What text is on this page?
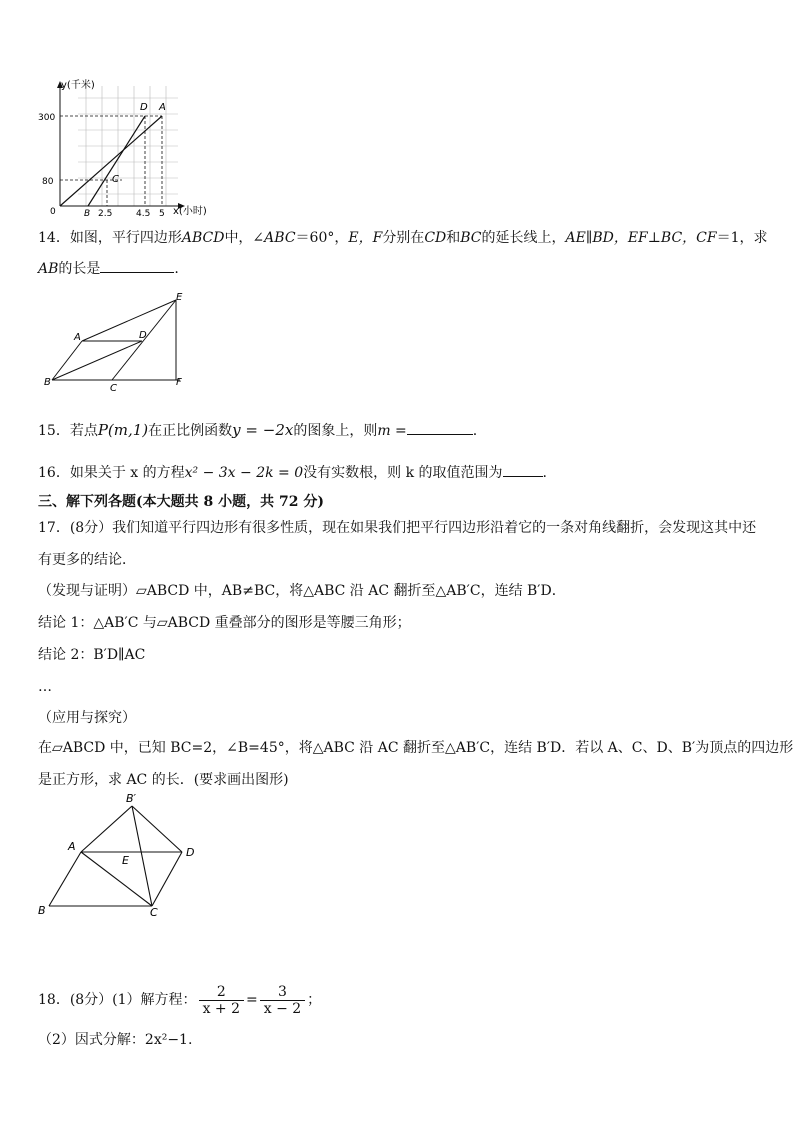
y(千米)
x(小时)
300
80
0	2.5	4.5 5
B
C
D A
14．如图，平行四边形ABCD中，∠ABC＝60°，E，F分别在CD和BC的延长线上，AE∥BD，EF⊥BC，CF＝1，求
AB的长是	.
A
B
C
D
E
F
15．若点P(m,1)在正比例函数y = −2x的图象上，则m =	.
16．如果关于 x 的方程x² − 3x − 2k = 0没有实数根，则 k 的取值范围为	.
三、解下列各题(本大题共 8 小题，共 72 分)
17．(8分）我们知道平行四边形有很多性质，现在如果我们把平行四边形沿着它的一条对角线翻折，会发现这其中还
有更多的结论．
（发现与证明）▱ABCD 中，AB≠BC，将△ABC 沿 AC 翻折至△AB′C，连结 B′D．
结论 1：△AB′C 与▱ABCD 重叠部分的图形是等腰三角形；
结论 2：B′D∥AC
…
（应用与探究）
在▱ABCD 中，已知 BC=2，∠B=45°，将△ABC 沿 AC 翻折至△AB′C，连结 B′D．若以 A、C、D、B′为顶点的四边形
是正方形，求 AC 的长．(要求画出图形)
B′
A	D
E
B	C
18．(8分）(1）解方程： $\frac{2}{x + 2} = \frac{3}{x - 2}$ ；
（2）因式分解：2x²−1.
